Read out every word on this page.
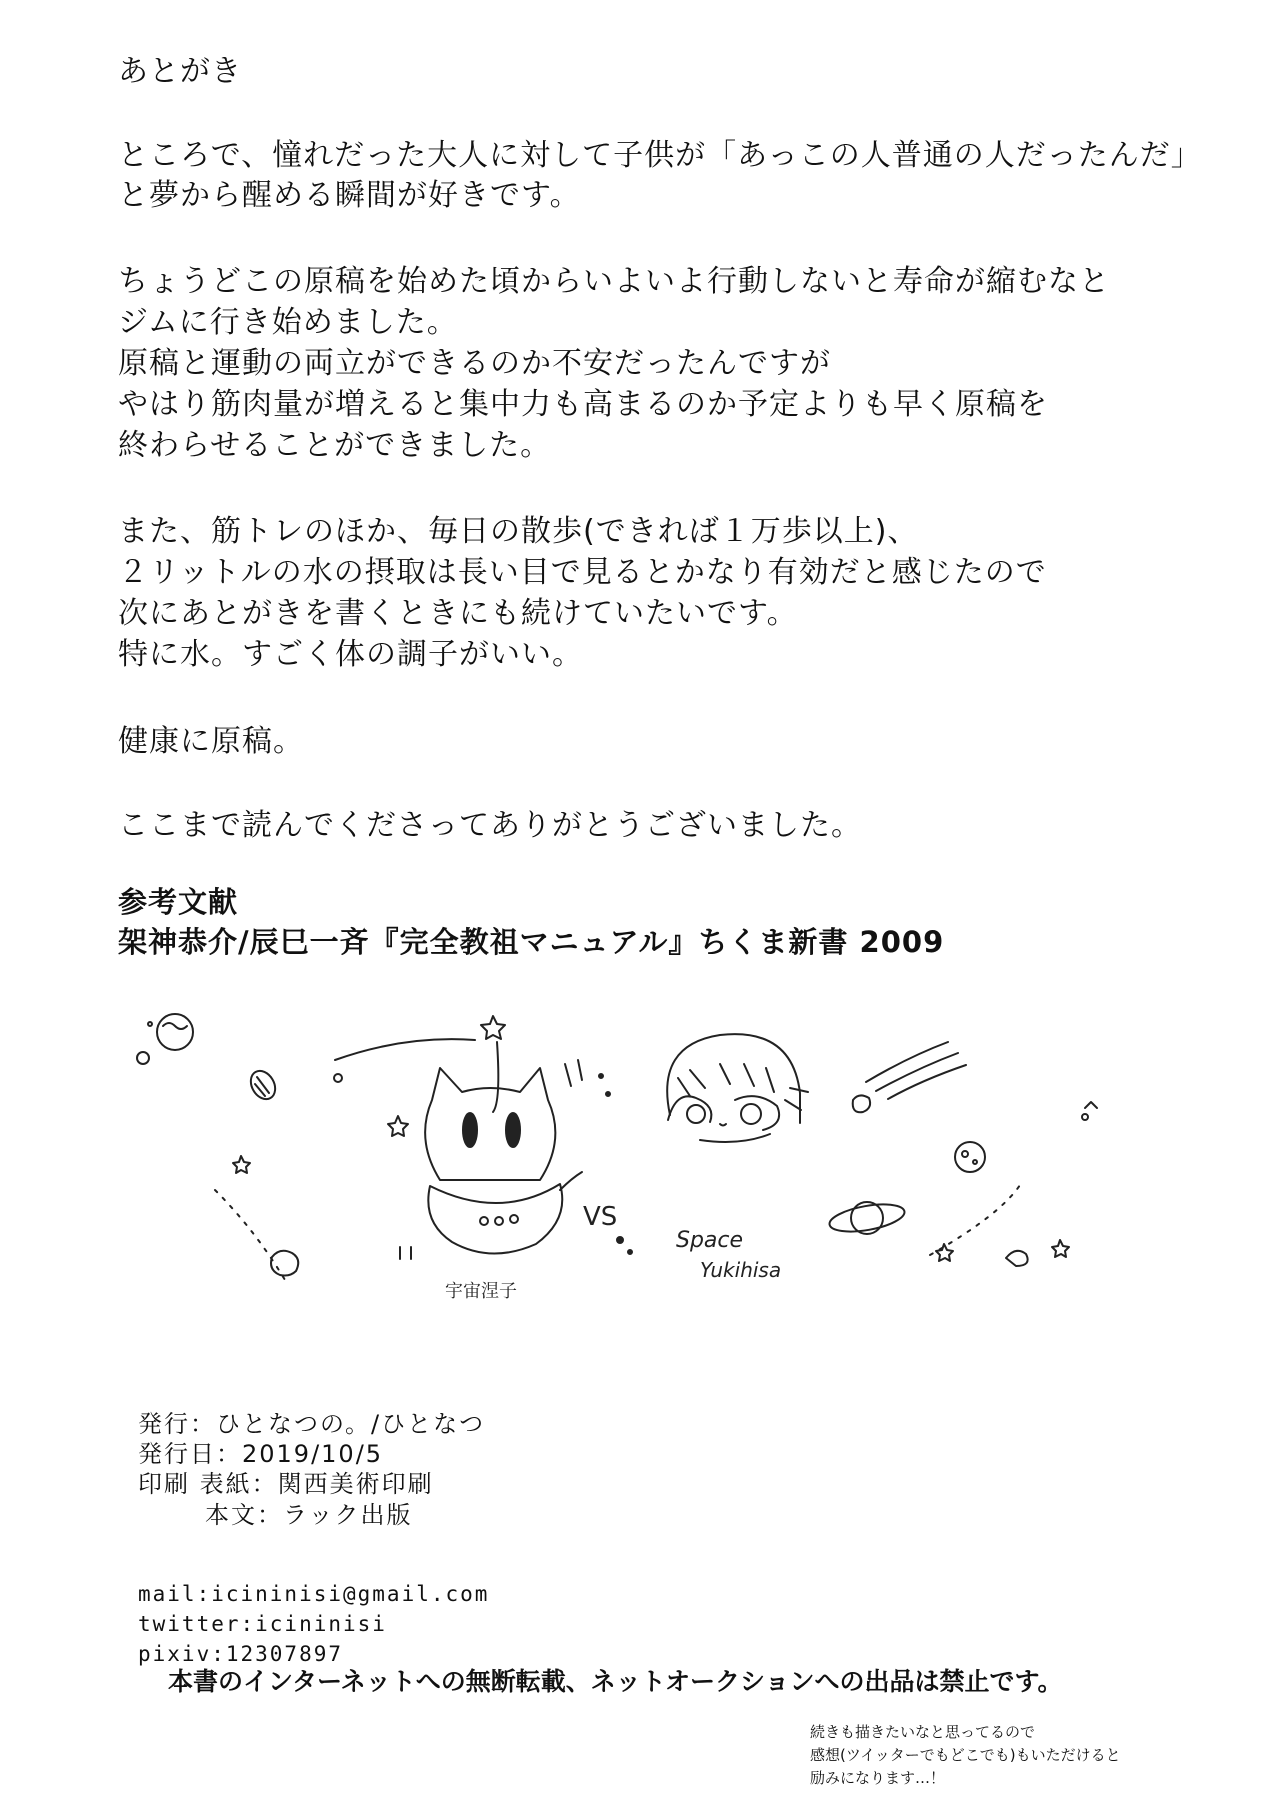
あとがき
ところで、憧れだった大人に対して子供が「あっこの人普通の人だったんだ」
と夢から醒める瞬間が好きです。
ちょうどこの原稿を始めた頃からいよいよ行動しないと寿命が縮むなと
ジムに行き始めました。
原稿と運動の両立ができるのか不安だったんですが
やはり筋肉量が増えると集中力も高まるのか予定よりも早く原稿を
終わらせることができました。
また、筋トレのほか、毎日の散歩(できれば１万歩以上)、
２リットルの水の摂取は長い目で見るとかなり有効だと感じたので
次にあとがきを書くときにも続けていたいです。
特に水。すごく体の調子がいい。
健康に原稿。
ここまで読んでくださってありがとうございました。
参考文献
架神恭介/辰巳一斉『完全教祖マニュアル』ちくま新書 2009
VS
宇宙涅子
Space
Yukihisa
発行：ひとなつの。/ひとなつ
発行日：2019/10/5
印刷 表紙：関西美術印刷
本文：ラック出版
mail:icininisi@gmail.com
twitter:icininisi
pixiv:12307897
本書のインターネットへの無断転載、ネットオークションへの出品は禁止です。
続きも描きたいなと思ってるので
感想(ツイッターでもどこでも)もいただけると
励みになります…！
